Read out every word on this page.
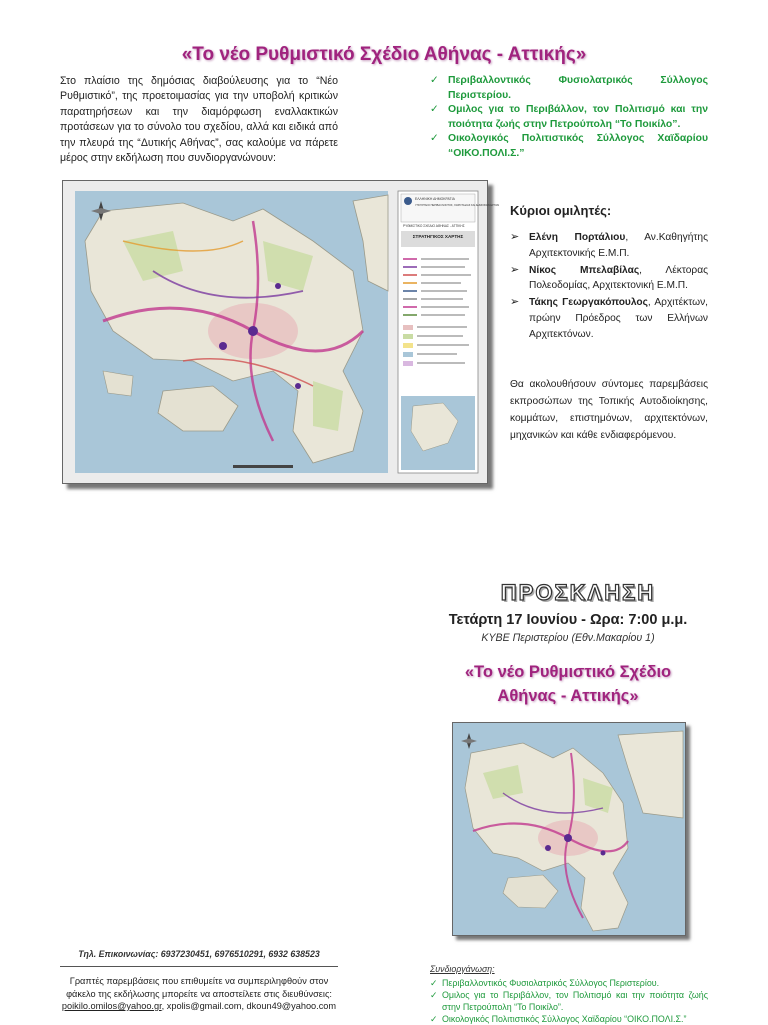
«Το νέο Ρυθμιστικό Σχέδιο Αθήνας - Αττικής»
Στο πλαίσιο της δημόσιας διαβούλευσης για το “Νέο Ρυθμιστικό”, της προετοιμασίας για την υποβολή κριτικών παρατηρήσεων και την διαμόρφωση εναλλακτικών προτάσεων για το σύνολο του σχεδίου, αλλά και ειδικά από την πλευρά της “Δυτικής Αθήνας”, σας καλούμε να πάρετε μέρος στην εκδήλωση που συνδιοργανώνουν:
✓ Περιβαλλοντικός Φυσιολατρικός Σύλλογος Περιστερίου.
✓ Ομιλος για το Περιβάλλον, τον Πολιτισμό και την ποιότητα ζωής στην Πετρούπολη “Το Ποικίλο”.
✓ Οικολογικός Πολιτιστικός Σύλλογος Χαϊδαρίου “ΟΙΚΟ.ΠΟΛΙ.Σ.”
ΕΛΛΗΝΙΚΗ ΔΗΜΟΚΡΑΤΙΑ
ΥΠΟΥΡΓΕΙΟ ΠΕΡΙΒΑΛΛΟΝΤΟΣ, ΧΩΡΟΤΑΞΙΑΣ ΚΑΙ ΔΗΜΟΣΙΩΝ ΕΡΓΩΝ
ΡΥΘΜΙΣΤΙΚΟ ΣΧΕΔΙΟ ΑΘΗΝΑΣ - ΑΤΤΙΚΗΣ
ΣΤΡΑΤΗΓΙΚΟΣ ΧΑΡΤΗΣ
Κύριοι ομιλητές:
➢ Ελένη Πορτάλιου, Αν.Καθηγήτης Αρχιτεκτονικής Ε.Μ.Π.
➢ Νίκος Μπελαβίλας, Λέκτορας Πολεοδομίας, Αρχιτεκτονική Ε.Μ.Π.
➢ Τάκης Γεωργακόπουλος, Αρχιτέκτων, πρώην Πρόεδρος των Ελλήνων Αρχιτεκτόνων.
Θα ακολουθήσουν σύντομες παρεμβάσεις εκπροσώπων της Τοπικής Αυτοδιοίκησης, κομμάτων, επιστημόνων, αρχιτεκτόνων, μηχανικών και κάθε ενδιαφερόμενου.
ΠΡΟΣΚΛΗΣΗ
Τετάρτη 17 Ιουνίου - Ωρα: 7:00 μ.μ.
ΚΥΒΕ Περιστερίου (Εθν.Μακαρίου 1)
«Το νέο Ρυθμιστικό Σχέδιο
Αθήνας - Αττικής»
Τηλ. Επικοινωνίας: 6937230451, 6976510291, 6932 638523
Γραπτές παρεμβάσεις που επιθυμείτε να συμπεριληφθούν στον φάκελο της εκδήλωσης μπορείτε να αποστείλετε στις διευθύνσεις: poikilo.omilos@yahoo.gr, xpolis@gmail.com, dkoun49@yahoo.com
Συνδιοργάνωση:
✓ Περιβαλλοντικός Φυσιολατρικός Σύλλογος Περιστερίου.
✓ Ομιλος για το Περιβάλλον, τον Πολιτισμό και την ποιότητα ζωής στην Πετρούπολη “Το Ποικίλο”.
✓ Οικολογικός Πολιτιστικός Σύλλογος Χαϊδαρίου “ΟΙΚΟ.ΠΟΛΙ.Σ.”
